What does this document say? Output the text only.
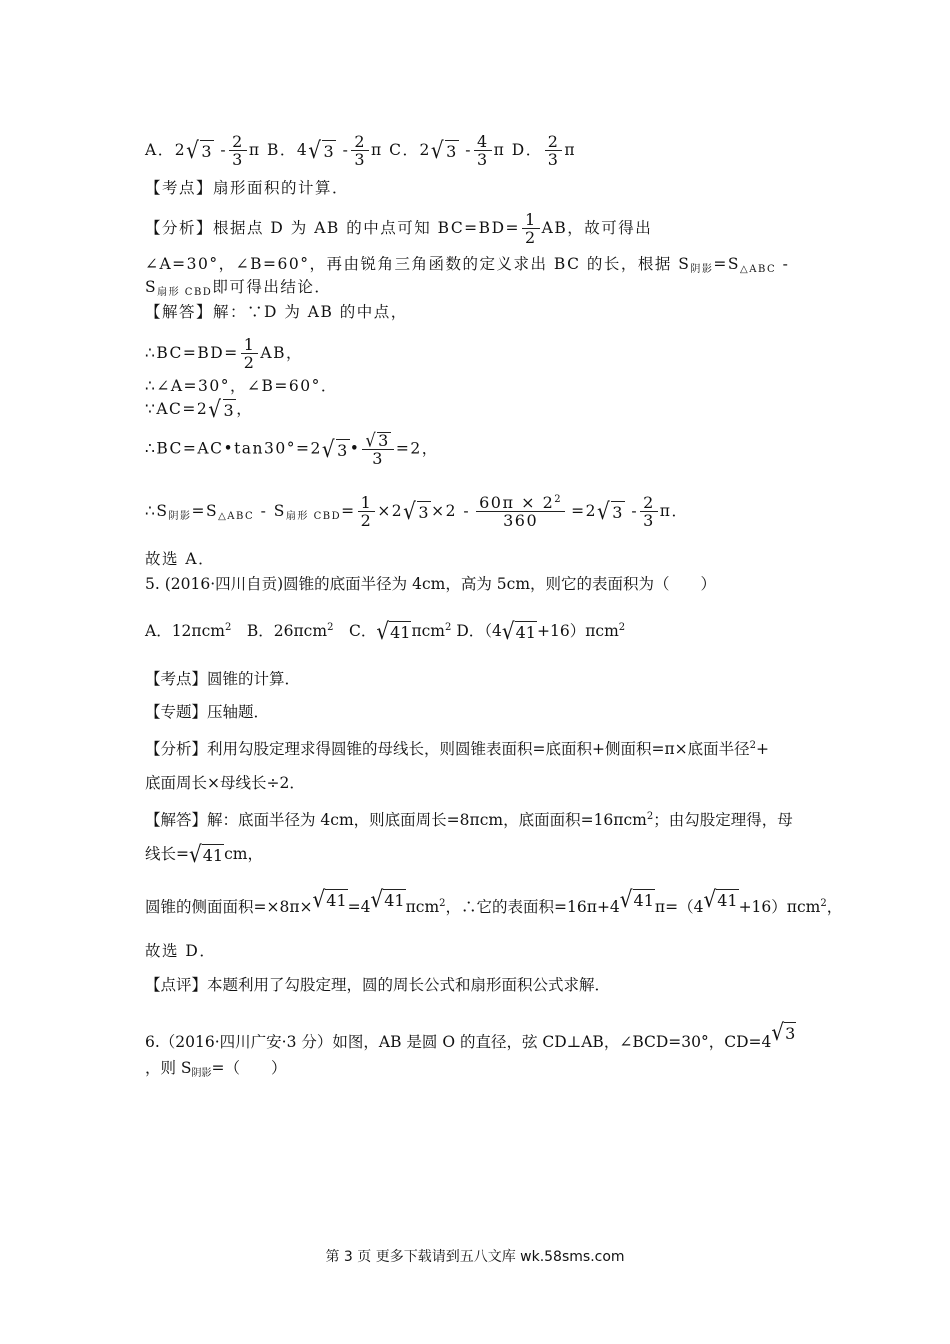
A．$2√3 - \frac{2}{3}$ π B．$4√3 - \frac{2}{3}$ π C．$2√3 - \frac{4}{3}$ π D． $\frac{2}{3}$ π
【考点】扇形面积的计算．
【分析】根据点 D 为 AB 的中点可知 $BC=BD= \frac{1}{2}$ AB，故可得出
∠A=30°，∠B=60°，再由锐角三角函数的定义求出 BC 的长，根据 $S_{阴影}=S_{\triangle ABC}$ -
$S_{扇形 CBD}$即可得出结论．
【解答】解：∵D 为 AB 的中点，
∴BC=BD= $\frac{1}{2}$ AB，
∴∠A=30°，∠B=60°．
∵AC=2√3，
∴BC=AC•tan30°=2√3• $\frac{√3}{3} =2$，
$\therefore S_{阴影}=S_{\triangle ABC} - S_{扇形 CBD}= \frac{1}{2} \times 2√3\times 2 - \frac{60\pi \times 2^2}{360} =2√3 - \frac{2}{3}$ π．
故选 A．
5. (2016·四川自贡)圆锥的底面半径为 4cm，高为 5cm，则它的表面积为（　　）
A．12πcm$^2$　 B．26πcm$^2$　 C．√41πcm$^2$ D．（4√41+16）πcm$^2$
【考点】圆锥的计算．
【专题】压轴题．
【分析】利用勾股定理求得圆锥的母线长，则圆锥表面积=底面积+侧面积=π×底面半径$^2$+
底面周长×母线长÷2．
【解答】解：底面半径为 4cm，则底面周长=8πcm，底面面积=16πcm$^2$；由勾股定理得，母
线长=√41cm，
圆锥的侧面面积=×8π×√41=4√41πcm$^2$，∴它的表面积=16π+4√41π=（4√41+16）πcm$^2$，
故选 D．
【点评】本题利用了勾股定理，圆的周长公式和扇形面积公式求解．
6.（2016·四川广安·3 分）如图，AB 是圆 O 的直径，弦 CD⊥AB，∠BCD=30°，CD=4√3
，则 $S_{阴影}=$（　　）
第 3 页 更多下载请到五八文库 wk.58sms.com
